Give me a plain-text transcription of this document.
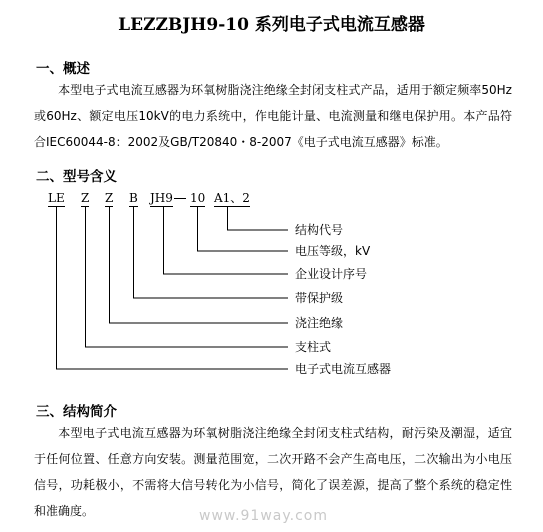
LEZZBJH9-10 系列电子式电流互感器
一、概述
本型电子式电流互感器为环氧树脂浇注绝缘全封闭支柱式产品，适用于额定频率50Hz或60Hz、额定电压10kV的电力系统中，作电能计量、电流测量和继电保护用。本产品符合IEC60044-8：2002及GB/T20840・8-2007《电子式电流互感器》标准。
二、型号含义
LE Z Z B JH9 10 A1、2
结构代号
电压等级，kV
企业设计序号
带保护级
浇注绝缘
支柱式
电子式电流互感器
三、结构简介
本型电子式电流互感器为环氧树脂浇注绝缘全封闭支柱式结构，耐污染及潮湿，适宜于任何位置、任意方向安装。测量范围宽，二次开路不会产生高电压，二次输出为小电压信号，功耗极小，不需将大信号转化为小信号，简化了误差源，提高了整个系统的稳定性和准确度。	www.91way.com
